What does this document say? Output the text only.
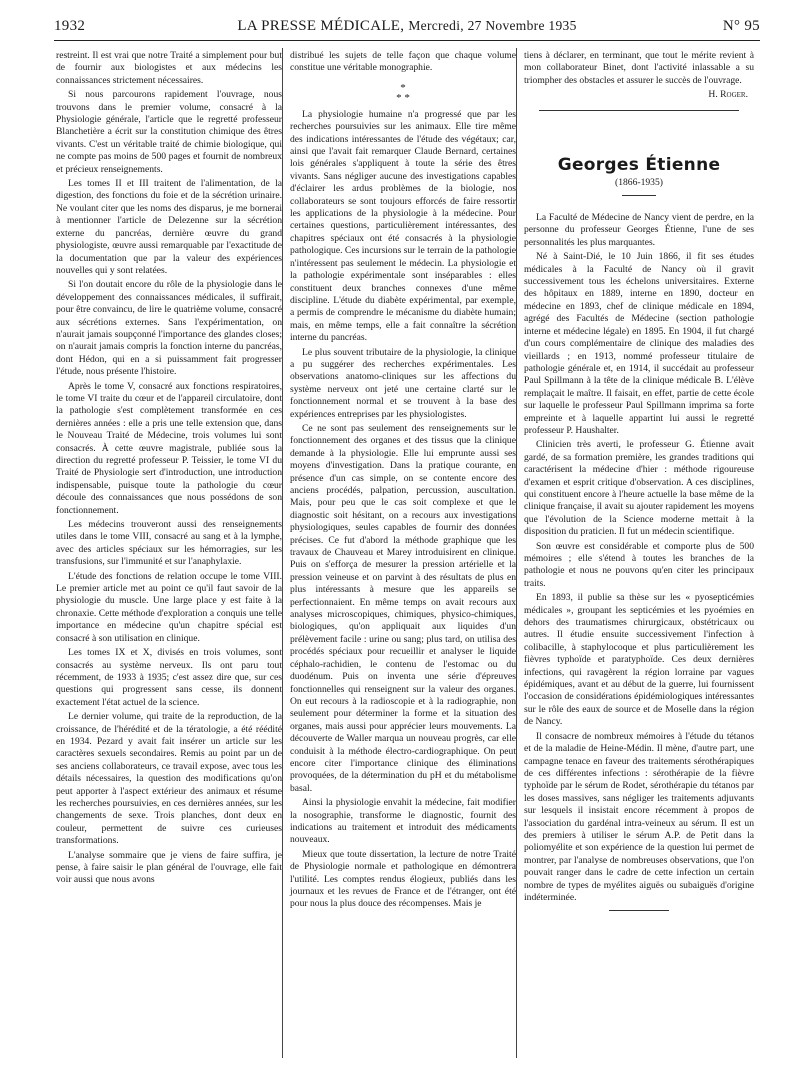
1932	LA PRESSE MÉDICALE, Mercredi, 27 Novembre 1935	N° 95

restreint. Il est vrai que notre Traité a simplement pour but de fournir aux biologistes et aux médecins les connaissances strictement nécessaires.

Si nous parcourons rapidement l'ouvrage, nous trouvons dans le premier volume, consacré à la Physiologie générale, l'article que le regretté professeur Blanchetière a écrit sur la constitution chimique des êtres vivants. C'est un véritable traité de chimie biologique, qui ne compte pas moins de 500 pages et fournit de nombreux et précieux renseignements.

Les tomes II et III traitent de l'alimentation, de la digestion, des fonctions du foie et de la sécrétion urinaire. Ne voulant citer que les noms des disparus, je me bornerai à mentionner l'article de Delezenne sur la sécrétion externe du pancréas, dernière œuvre du grand physiologiste, œuvre aussi remarquable par l'exactitude de la documentation que par la valeur des expériences nouvelles qui y sont relatées.

Si l'on doutait encore du rôle de la physiologie dans le développement des connaissances médicales, il suffirait, pour être convaincu, de lire le quatrième volume, consacré aux sécrétions externes. Sans l'expérimentation, on n'aurait jamais soupçonné l'importance des glandes closes; on n'aurait jamais compris la fonction interne du pancréas, dont Hédon, qui en a si puissamment fait progresser l'étude, nous présente l'histoire.

Après le tome V, consacré aux fonctions respiratoires, le tome VI traite du cœur et de l'appareil circulatoire, dont la pathologie s'est complètement transformée en ces dernières années : elle a pris une telle extension que, dans le Nouveau Traité de Médecine, trois volumes lui sont consacrés. À cette œuvre magistrale, publiée sous la direction du regretté professeur P. Teissier, le tome VI du Traité de Physiologie sert d'introduction, une introduction indispensable, puisque toute la pathologie du cœur découle des connaissances que nous possédons de son fonctionnement.

Les médecins trouveront aussi des renseignements utiles dans le tome VIII, consacré au sang et à la lymphe, avec des articles spéciaux sur les hémorragies, sur les transfusions, sur l'immunité et sur l'anaphylaxie.

L'étude des fonctions de relation occupe le tome VIII. Le premier article met au point ce qu'il faut savoir de la physiologie du muscle. Une large place y est faite à la chronaxie. Cette méthode d'exploration a conquis une telle importance en médecine qu'un chapitre spécial est consacré à son utilisation en clinique.

Les tomes IX et X, divisés en trois volumes, sont consacrés au système nerveux. Ils ont paru tout récemment, de 1933 à 1935; c'est assez dire que, sur ces questions qui progressent sans cesse, ils donnent exactement l'état actuel de la science.

Le dernier volume, qui traite de la reproduction, de la croissance, de l'hérédité et de la tératologie, a été réédité en 1934. Pezard y avait fait insérer un article sur les caractères sexuels secondaires. Remis au point par un de ses anciens collaborateurs, ce travail expose, avec tous les détails nécessaires, la question des modifications qu'on peut apporter à l'aspect extérieur des animaux et résume les recherches poursuivies, en ces dernières années, sur les changements de sexe. Trois planches, dont deux en couleur, permettent de suivre ces curieuses transformations.

L'analyse sommaire que je viens de faire suffira, je pense, à faire saisir le plan général de l'ouvrage, elle fait voir aussi que nous avons

distribué les sujets de telle façon que chaque volume constitue une véritable monographie.

*
* *

La physiologie humaine n'a progressé que par les recherches poursuivies sur les animaux. Elle tire même des indications intéressantes de l'étude des végétaux; car, ainsi que l'avait fait remarquer Claude Bernard, certaines lois générales s'appliquent à toute la série des êtres vivants. Sans négliger aucune des investigations capables d'éclairer les ardus problèmes de la biologie, nos collaborateurs se sont toujours efforcés de faire ressortir les applications de la physiologie à la médecine. Pour certaines questions, particulièrement intéressantes, des chapitres spéciaux ont été consacrés à la physiologie pathologique. Ces incursions sur le terrain de la pathologie n'intéressent pas seulement le médecin. La physiologie et la pathologie expérimentale sont inséparables : elles constituent deux branches connexes d'une même discipline. L'étude du diabète expérimental, par exemple, a permis de comprendre le mécanisme du diabète humain; mais, en même temps, elle a fait connaître la sécrétion interne du pancréas.

Le plus souvent tributaire de la physiologie, la clinique a pu suggérer des recherches expérimentales. Les observations anatomo-cliniques sur les affections du système nerveux ont jeté une certaine clarté sur le fonctionnement normal et se trouvent à la base des expériences entreprises par les physiologistes.

Ce ne sont pas seulement des renseignements sur le fonctionnement des organes et des tissus que la clinique demande à la physiologie. Elle lui emprunte aussi ses moyens d'investigation. Dans la pratique courante, en présence d'un cas simple, on se contente encore des anciens procédés, palpation, percussion, auscultation. Mais, pour peu que le cas soit complexe et que le diagnostic soit hésitant, on a recours aux investigations physiologiques, seules capables de fournir des données précises. Ce fut d'abord la méthode graphique que les travaux de Chauveau et Marey introduisirent en clinique. Puis on s'efforça de mesurer la pression artérielle et la pression veineuse et on parvint à des résultats de plus en plus intéressants à mesure que les appareils se perfectionnaient. En même temps on avait recours aux analyses microscopiques, chimiques, physico-chimiques, biologiques, qu'on appliquait aux liquides d'un prélèvement facile : urine ou sang; plus tard, on utilisa des procédés spéciaux pour recueillir et analyser le liquide céphalo-rachidien, le contenu de l'estomac ou du duodénum. Puis on inventa une série d'épreuves fonctionnelles qui renseignent sur la valeur des organes. On eut recours à la radioscopie et à la radiographie, non seulement pour déterminer la forme et la situation des organes, mais aussi pour apprécier leurs mouvements. La découverte de Waller marqua un nouveau progrès, car elle conduisit à la méthode électro-cardiographique. On peut encore citer l'importance clinique des éliminations provoquées, de la détermination du pH et du métabolisme basal.

Ainsi la physiologie envahit la médecine, fait modifier la nosographie, transforme le diagnostic, fournit des indications au traitement et introduit des médicaments nouveaux.

Mieux que toute dissertation, la lecture de notre Traité de Physiologie normale et pathologique en démontrera l'utilité. Les comptes rendus élogieux, publiés dans les journaux et les revues de France et de l'étranger, ont été pour nous la plus douce des récompenses. Mais je

tiens à déclarer, en terminant, que tout le mérite revient à mon collaborateur Binet, dont l'activité inlassable a su triompher des obstacles et assurer le succès de l'ouvrage.

H. Roger.
Georges Étienne
(1866-1935)

La Faculté de Médecine de Nancy vient de perdre, en la personne du professeur Georges Étienne, l'une de ses personnalités les plus marquantes.

Né à Saint-Dié, le 10 Juin 1866, il fit ses études médicales à la Faculté de Nancy où il gravit successivement tous les échelons universitaires. Externe des hôpitaux en 1889, interne en 1890, docteur en médecine en 1893, chef de clinique médicale en 1894, agrégé des Facultés de Médecine (section pathologie interne et médecine légale) en 1895. En 1904, il fut chargé d'un cours complémentaire de clinique des maladies des vieillards ; en 1913, nommé professeur titulaire de pathologie générale et, en 1914, il succédait au professeur Paul Spillmann à la tête de la clinique médicale B. L'élève remplaçait le maître. Il faisait, en effet, partie de cette école sur laquelle le professeur Paul Spillmann imprima sa forte empreinte et à laquelle appartint lui aussi le regretté professeur P. Haushalter.

Clinicien très averti, le professeur G. Étienne avait gardé, de sa formation première, les grandes traditions qui caractérisent la médecine d'hier : méthode rigoureuse d'examen et esprit critique d'observation. A ces disciplines, qui constituent encore à l'heure actuelle la base même de la clinique française, il avait su ajouter rapidement les moyens que l'évolution de la Science moderne mettait à la disposition du praticien. Il fut un médecin scientifique.

Son œuvre est considérable et comporte plus de 500 mémoires ; elle s'étend à toutes les branches de la pathologie et nous ne pouvons qu'en citer les principaux traits.

En 1893, il publie sa thèse sur les « pyosepticémies médicales », groupant les septicémies et les pyoémies en dehors des traumatismes chirurgicaux, obstétricaux ou autres. Il étudie ensuite successivement l'infection à colibacille, à staphylocoque et plus particulièrement les fièvres typhoïde et paratyphoïde. Ces deux dernières infections, qui ravagèrent la région lorraine par vagues épidémiques, avant et au début de la guerre, lui fournissent l'occasion de considérations épidémiologiques intéressantes sur le rôle des eaux de source et de Moselle dans la région de Nancy.

Il consacre de nombreux mémoires à l'étude du tétanos et de la maladie de Heine-Médin. Il mène, d'autre part, une campagne tenace en faveur des traitements sérothérapiques de ces différentes infections : sérothérapie de la fièvre typhoïde par le sérum de Rodet, sérothérapie du tétanos par les doses massives, sans négliger les traitements adjuvants sur lesquels il insistait encore récemment à propos de l'association du gardénal intra-veineux au sérum. Il est un des premiers à utiliser le sérum A.P. de Petit dans la poliomyélite et son expérience de la question lui permet de montrer, par l'analyse de nombreuses observations, que l'on pouvait ranger dans le cadre de cette infection un certain nombre de types de myélites aiguës ou subaiguës d'origine indéterminée.
